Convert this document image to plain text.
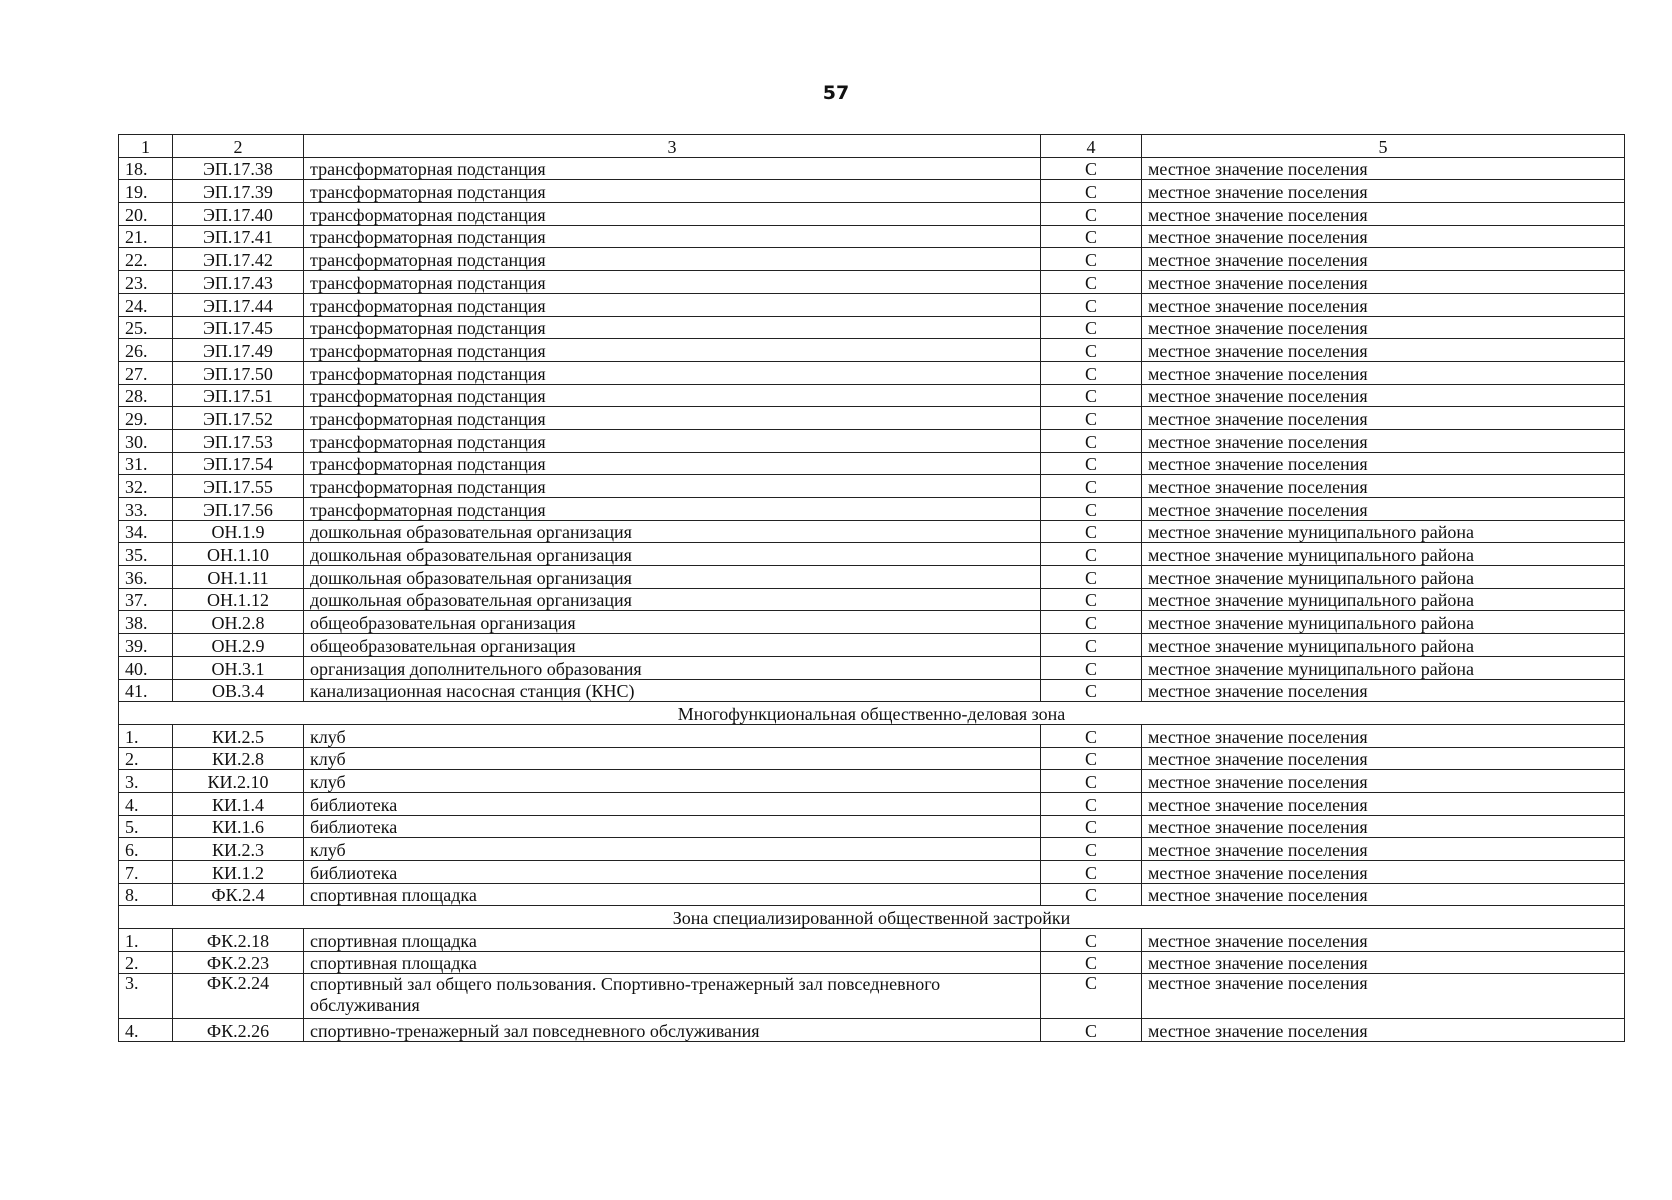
57
1	2	3	4	5
18.	ЭП.17.38	трансформаторная подстанция	С	местное значение поселения
19.	ЭП.17.39	трансформаторная подстанция	С	местное значение поселения
20.	ЭП.17.40	трансформаторная подстанция	С	местное значение поселения
21.	ЭП.17.41	трансформаторная подстанция	С	местное значение поселения
22.	ЭП.17.42	трансформаторная подстанция	С	местное значение поселения
23.	ЭП.17.43	трансформаторная подстанция	С	местное значение поселения
24.	ЭП.17.44	трансформаторная подстанция	С	местное значение поселения
25.	ЭП.17.45	трансформаторная подстанция	С	местное значение поселения
26.	ЭП.17.49	трансформаторная подстанция	С	местное значение поселения
27.	ЭП.17.50	трансформаторная подстанция	С	местное значение поселения
28.	ЭП.17.51	трансформаторная подстанция	С	местное значение поселения
29.	ЭП.17.52	трансформаторная подстанция	С	местное значение поселения
30.	ЭП.17.53	трансформаторная подстанция	С	местное значение поселения
31.	ЭП.17.54	трансформаторная подстанция	С	местное значение поселения
32.	ЭП.17.55	трансформаторная подстанция	С	местное значение поселения
33.	ЭП.17.56	трансформаторная подстанция	С	местное значение поселения
34.	ОН.1.9	дошкольная образовательная организация	С	местное значение муниципального района
35.	ОН.1.10	дошкольная образовательная организация	С	местное значение муниципального района
36.	ОН.1.11	дошкольная образовательная организация	С	местное значение муниципального района
37.	ОН.1.12	дошкольная образовательная организация	С	местное значение муниципального района
38.	ОН.2.8	общеобразовательная организация	С	местное значение муниципального района
39.	ОН.2.9	общеобразовательная организация	С	местное значение муниципального района
40.	ОН.3.1	организация дополнительного образования	С	местное значение муниципального района
41.	ОВ.3.4	канализационная насосная станция (КНС)	С	местное значение поселения
Многофункциональная общественно-деловая зона				
1.	КИ.2.5	клуб	С	местное значение поселения
2.	КИ.2.8	клуб	С	местное значение поселения
3.	КИ.2.10	клуб	С	местное значение поселения
4.	КИ.1.4	библиотека	С	местное значение поселения
5.	КИ.1.6	библиотека	С	местное значение поселения
6.	КИ.2.3	клуб	С	местное значение поселения
7.	КИ.1.2	библиотека	С	местное значение поселения
8.	ФК.2.4	спортивная площадка	С	местное значение поселения
Зона специализированной общественной застройки				
1.	ФК.2.18	спортивная площадка	С	местное значение поселения
2.	ФК.2.23	спортивная площадка	С	местное значение поселения
3.	ФК.2.24	спортивный зал общего пользования. Спортивно-тренажерный зал повседневного обслуживания	С	местное значение поселения
4.	ФК.2.26	спортивно-тренажерный зал повседневного обслуживания	С	местное значение поселения
